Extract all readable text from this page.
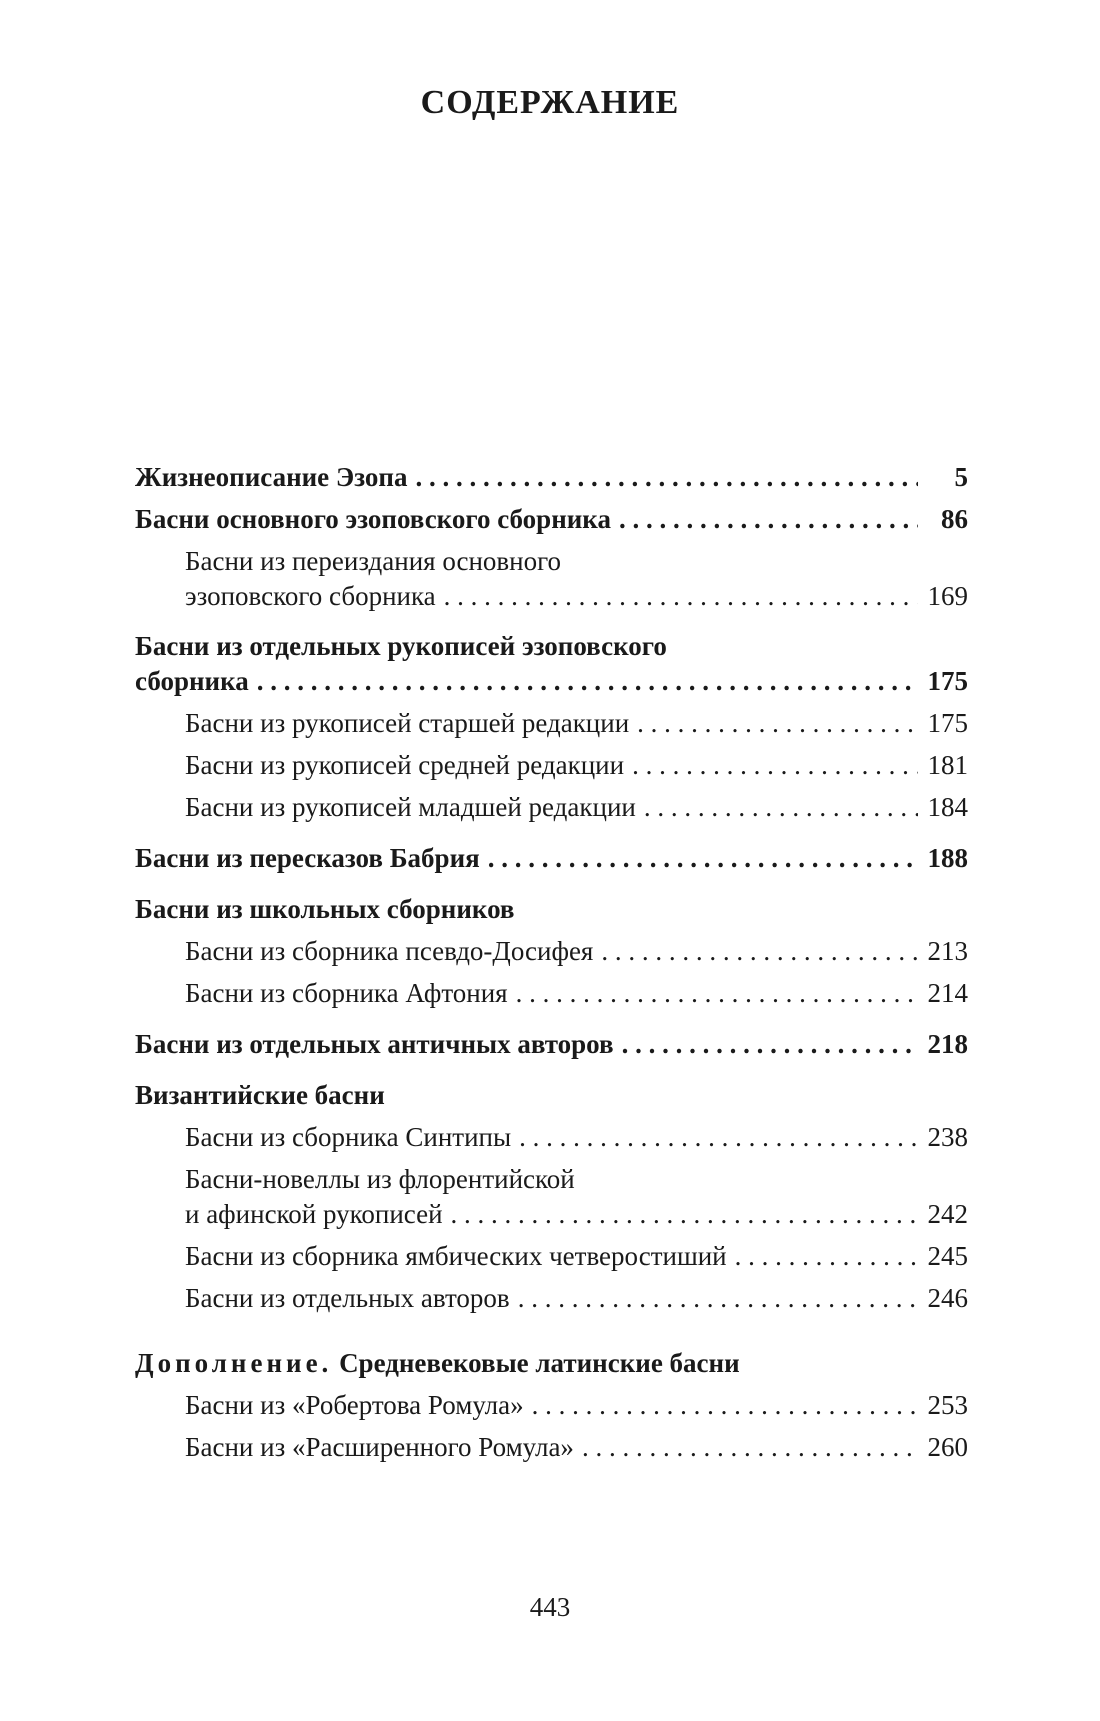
СОДЕРЖАНИЕ
Жизнеописание Эзопа . . .	5
Басни основного эзоповского сборника . . .	86
Басни из переиздания основного
эзоповского сборника . . .	169
Басни из отдельных рукописей эзоповского
сборника . . .	175
Басни из рукописей старшей редакции . . .	175
Басни из рукописей средней редакции . . .	181
Басни из рукописей младшей редакции . . .	184
Басни из пересказов Бабрия . . .	188
Басни из школьных сборников
Басни из сборника псевдо-Досифея . . .	213
Басни из сборника Афтония . . .	214
Басни из отдельных античных авторов . . .	218
Византийские басни
Басни из сборника Синтипы . . .	238
Басни-новеллы из флорентийской
и афинской рукописей . . .	242
Басни из сборника ямбических четверостиший . . .	245
Басни из отдельных авторов . . .	246
Дополнение. Средневековые латинские басни
Басни из «Робертова Ромула» . . .	253
Басни из «Расширенного Ромула» . . .	260
443
